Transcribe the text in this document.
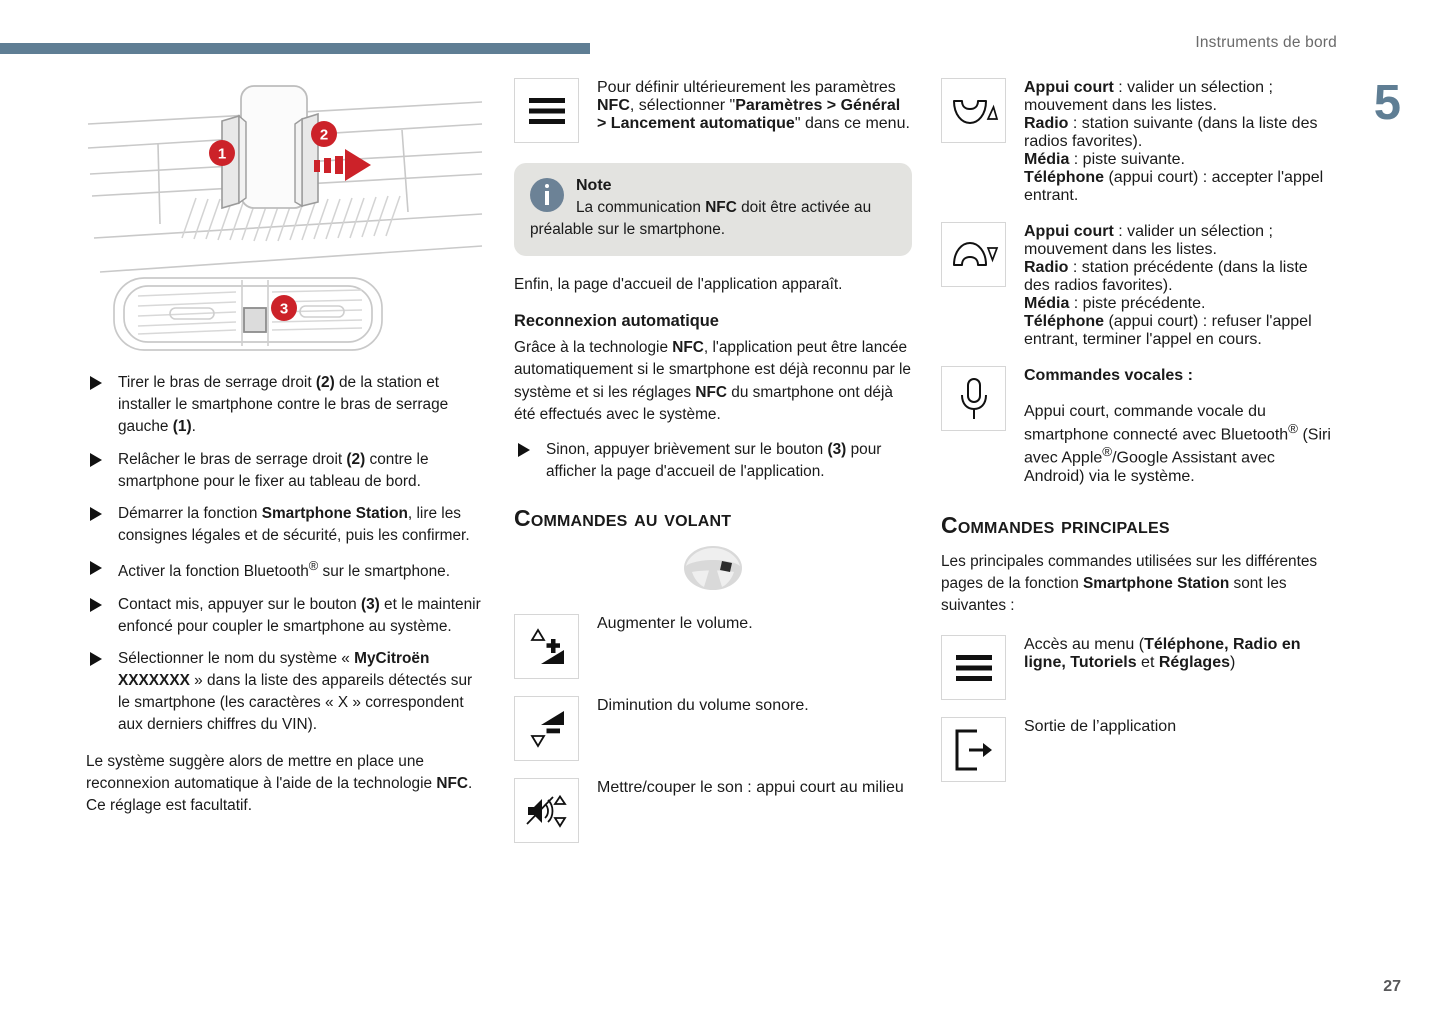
Instruments de bord
5
27
1
2
3
Tirer le bras de serrage droit (2) de la station et installer le smartphone contre le bras de serrage gauche (1).
Relâcher le bras de serrage droit (2) contre le smartphone pour le fixer au tableau de bord.
Démarrer la fonction Smartphone Station, lire les consignes légales et de sécurité, puis les confirmer.
Activer la fonction Bluetooth® sur le smartphone.
Contact mis, appuyer sur le bouton (3) et le maintenir enfoncé pour coupler le smartphone au système.
Sélectionner le nom du système « MyCitroën XXXXXXX » dans la liste des appareils détectés sur le smartphone (les caractères « X » correspondent aux derniers chiffres du VIN).

Le système suggère alors de mettre en place une reconnexion automatique à l'aide de la technologie NFC. Ce réglage est facultatif.

Pour définir ultérieurement les paramètres NFC, sélectionner "Paramètres > Général > Lancement automatique" dans ce menu.
Note
La communication NFC doit être activée au préalable sur le smartphone.

Enfin, la page d'accueil de l'application apparaît.

Reconnexion automatique

Grâce à la technologie NFC, l'application peut être lancée automatiquement si le smartphone est déjà reconnu par le système et si les réglages NFC du smartphone ont déjà été effectués avec le système.

Sinon, appuyer brièvement sur le bouton (3) pour afficher la page d'accueil de l'application.
Commandes au volant
Augmenter le volume.
Diminution du volume sonore.
Mettre/couper le son : appui court au milieu
Appui court : valider un sélection ; mouvement dans les listes.
Radio : station suivante (dans la liste des radios favorites).
Média : piste suivante.
Téléphone (appui court) : accepter l'appel entrant.
Appui court : valider un sélection ; mouvement dans les listes.
Radio : station précédente (dans la liste des radios favorites).
Média : piste précédente.
Téléphone (appui court) : refuser l'appel entrant, terminer l'appel en cours.
Commandes vocales :

Appui court, commande vocale du smartphone connecté avec Bluetooth® (Siri avec Apple®/Google Assistant avec Android) via le système.
Commandes principales

Les principales commandes utilisées sur les différentes pages de la fonction Smartphone Station sont les suivantes :

Accès au menu (Téléphone, Radio en ligne, Tutoriels et Réglages)
Sortie de l’application
